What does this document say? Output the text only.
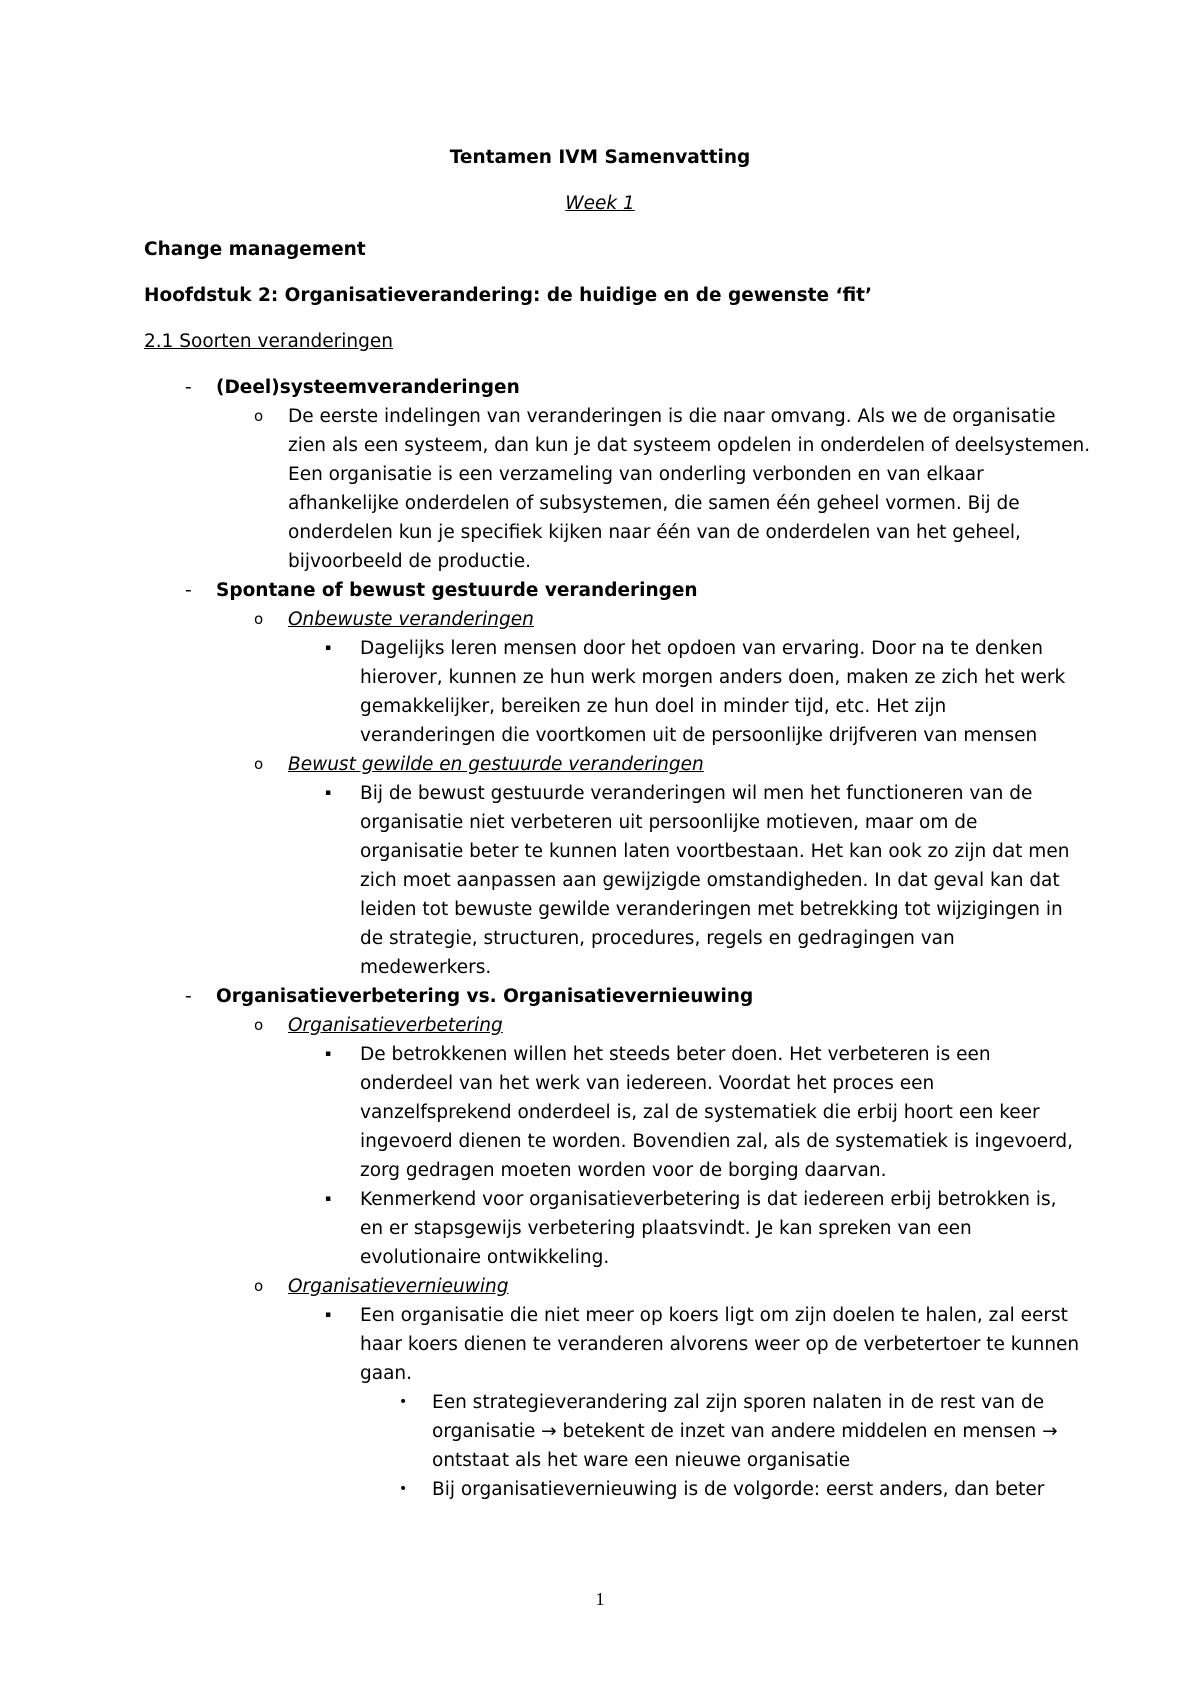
Tentamen IVM Samenvatting
Week 1
Change management
Hoofdstuk 2: Organisatieverandering: de huidige en de gewenste ‘fit’
2.1 Soorten veranderingen
- (Deel)systeemveranderingen
o De eerste indelingen van veranderingen is die naar omvang. Als we de organisatie
zien als een systeem, dan kun je dat systeem opdelen in onderdelen of deelsystemen.
Een organisatie is een verzameling van onderling verbonden en van elkaar
afhankelijke onderdelen of subsystemen, die samen één geheel vormen. Bij de
onderdelen kun je specifiek kijken naar één van de onderdelen van het geheel,
bijvoorbeeld de productie.
- Spontane of bewust gestuurde veranderingen
o Onbewuste veranderingen
▪ Dagelijks leren mensen door het opdoen van ervaring. Door na te denken
hierover, kunnen ze hun werk morgen anders doen, maken ze zich het werk
gemakkelijker, bereiken ze hun doel in minder tijd, etc. Het zijn
veranderingen die voortkomen uit de persoonlijke drijfveren van mensen
o Bewust gewilde en gestuurde veranderingen
▪ Bij de bewust gestuurde veranderingen wil men het functioneren van de
organisatie niet verbeteren uit persoonlijke motieven, maar om de
organisatie beter te kunnen laten voortbestaan. Het kan ook zo zijn dat men
zich moet aanpassen aan gewijzigde omstandigheden. In dat geval kan dat
leiden tot bewuste gewilde veranderingen met betrekking tot wijzigingen in
de strategie, structuren, procedures, regels en gedragingen van
medewerkers.
- Organisatieverbetering vs. Organisatievernieuwing
o Organisatieverbetering
▪ De betrokkenen willen het steeds beter doen. Het verbeteren is een
onderdeel van het werk van iedereen. Voordat het proces een
vanzelfsprekend onderdeel is, zal de systematiek die erbij hoort een keer
ingevoerd dienen te worden. Bovendien zal, als de systematiek is ingevoerd,
zorg gedragen moeten worden voor de borging daarvan.
▪ Kenmerkend voor organisatieverbetering is dat iedereen erbij betrokken is,
en er stapsgewijs verbetering plaatsvindt. Je kan spreken van een
evolutionaire ontwikkeling.
o Organisatievernieuwing
▪ Een organisatie die niet meer op koers ligt om zijn doelen te halen, zal eerst
haar koers dienen te veranderen alvorens weer op de verbetertoer te kunnen
gaan.
• Een strategieverandering zal zijn sporen nalaten in de rest van de
organisatie → betekent de inzet van andere middelen en mensen →
ontstaat als het ware een nieuwe organisatie
• Bij organisatievernieuwing is de volgorde: eerst anders, dan beter
1
